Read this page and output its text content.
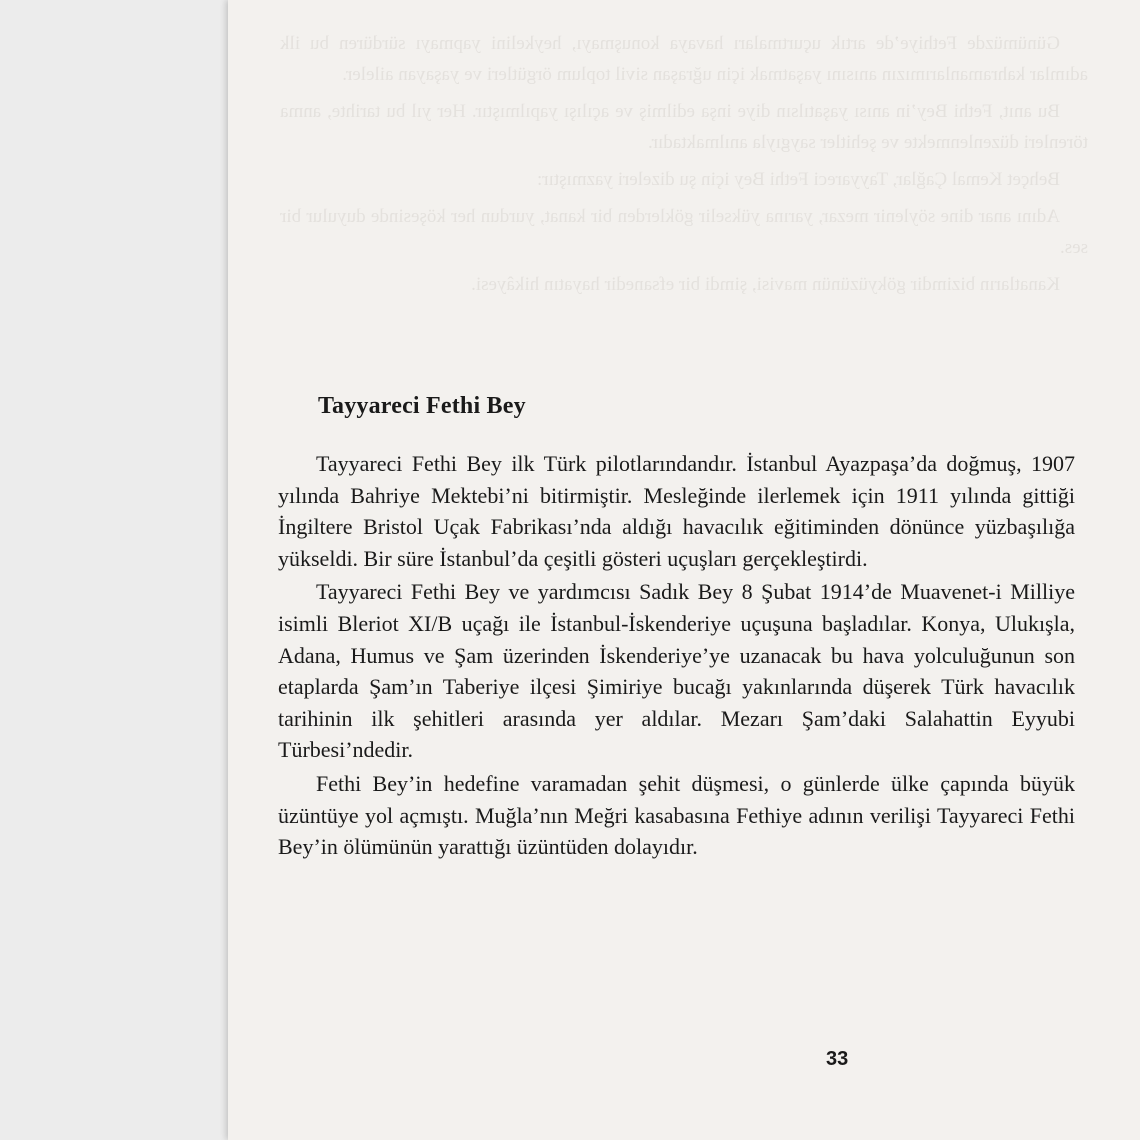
Günümüzde Fethiye’de artık uçurtmaları havaya konuşmayı, heykelini yapmayı sürdüren bu ilk adımlar kahramanlarımızın anısını yaşatmak için uğraşan sivil toplum örgütleri ve yaşayan aileler.

Bu anıt, Fethi Bey’in anısı yaşatılsın diye inşa edilmiş ve açılışı yapılmıştır. Her yıl bu tarihte, anma törenleri düzenlenmekte ve şehitler saygıyla anılmaktadır.

Behçet Kemal Çağlar, Tayyareci Fethi Bey için şu dizeleri yazmıştır:

Adını anar dine söylenir mezar, yarına yükselir göklerden bir kanat, yurdun her köşesinde duyulur bir ses.

Kanatların bizimdir gökyüzünün mavisi, şimdi bir efsanedir hayatın hikâyesi.

Tayyareci Fethi Bey

Tayyareci Fethi Bey ilk Türk pilotlarındandır. İstanbul Ayazpaşa’da doğmuş, 1907 yılında Bahriye Mektebi’ni bitirmiştir. Mesleğinde ilerlemek için 1911 yılında gittiği İngiltere Bristol Uçak Fabrikası’nda aldığı havacılık eğitiminden dönünce yüzbaşılığa yükseldi. Bir süre İstanbul’da çeşitli gösteri uçuşları gerçekleştirdi.

Tayyareci Fethi Bey ve yardımcısı Sadık Bey 8 Şubat 1914’de Muavenet-i Milliye isimli Bleriot XI/B uçağı ile İstanbul-İskenderiye uçuşuna başladılar. Konya, Ulukışla, Adana, Humus ve Şam üzerinden İskenderiye’ye uzanacak bu hava yolculuğunun son etaplarda Şam’ın Taberiye ilçesi Şimiriye bucağı yakınlarında düşerek Türk havacılık tarihinin ilk şehitleri arasında yer aldılar. Mezarı Şam’daki Salahattin Eyyubi Türbesi’ndedir.

Fethi Bey’in hedefine varamadan şehit düşmesi, o günlerde ülke çapında büyük üzüntüye yol açmıştı. Muğla’nın Meğri kasabasına Fethiye adının verilişi Tayyareci Fethi Bey’in ölümünün yarattığı üzüntüden dolayıdır.

33
